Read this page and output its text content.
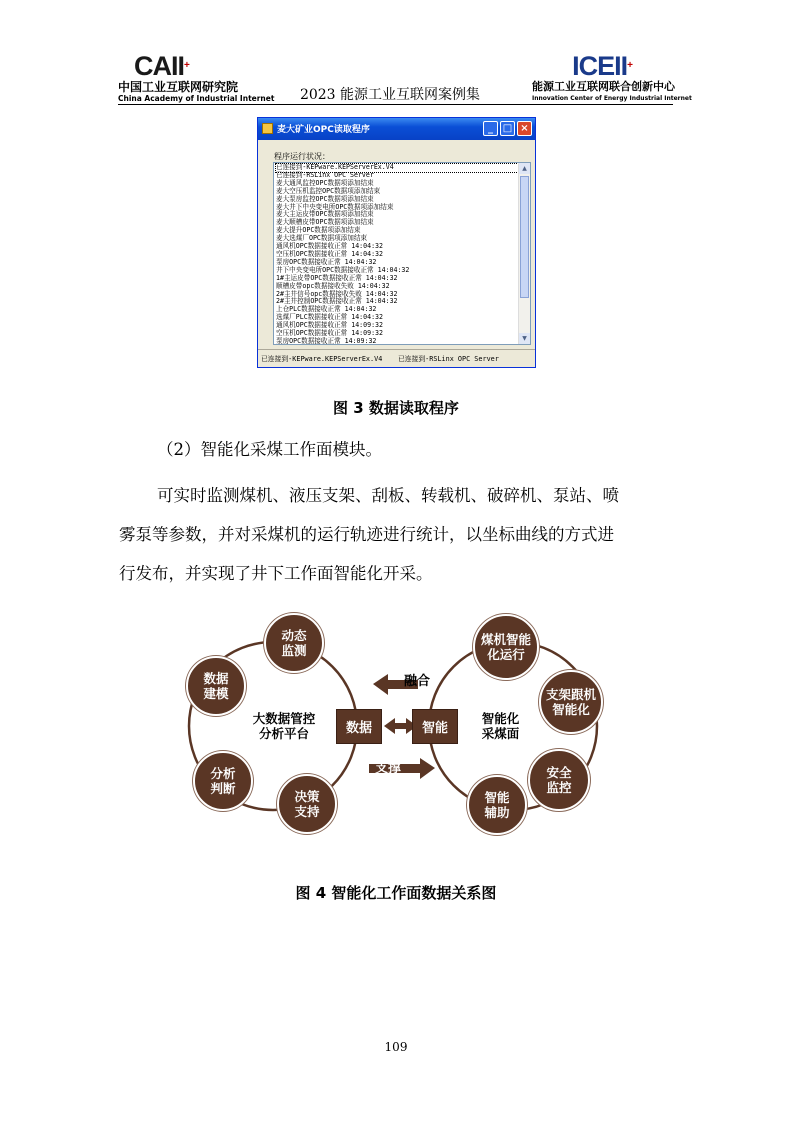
CAII+
中国工业互联网研究院
China Academy of Industrial Internet	2023 能源工业互联网案例集
ICEII+
能源工业互联网联合创新中心
Innovation Center of Energy Industrial Internet
麦大矿业OPC读取程序	_ □ ×
程序运行状况：
已连接到-KEPware.KEPServerEx.V4
已连接到-RSLinx OPC Server
麦大通风监控OPC数据项添加结束
麦大空压机监控OPC数据项添加结束
麦大泵房监控OPC数据项添加结束
麦大井下中央变电所OPC数据项添加结束
麦大主运皮带OPC数据项添加结束
麦大顺槽皮带OPC数据项添加结束
麦大提升OPC数据项添加结束
麦大选煤厂OPC数据项添加结束
通风机OPC数据接收正常 14:04:32
空压机OPC数据接收正常 14:04:32
泵房OPC数据接收正常 14:04:32
井下中央变电所OPC数据接收正常 14:04:32
1#主运皮带OPC数据接收正常 14:04:32
顺槽皮带opc数据接收失败 14:04:32
2#主井信号opc数据接收失败 14:04:32
2#主井控制OPC数据接收正常 14:04:32
上仓PLC数据接收正常 14:04:32
选煤厂PLC数据接收正常 14:04:32
通风机OPC数据接收正常 14:09:32
空压机OPC数据接收正常 14:09:32
泵房OPC数据接收正常 14:09:32
▲
▼
已连接到-KEPware.KEPServerEx.V4 已连接到-RSLinx OPC Server
图 3 数据读取程序
（2）智能化采煤工作面模块。
可实时监测煤机、液压支架、刮板、转载机、破碎机、泵站、喷
雾泵等参数，并对采煤机的运行轨迹进行统计，以坐标曲线的方式进
行发布，并实现了井下工作面智能化开采。
融合
支撑
动态
监测
数据
建模
分析
判断
决策
支持
大数据管控
分析平台	数据	智能
智能化
采煤面
煤机智能
化运行
支架跟机
智能化
安全
监控
智能
辅助
图 4 智能化工作面数据关系图
109
